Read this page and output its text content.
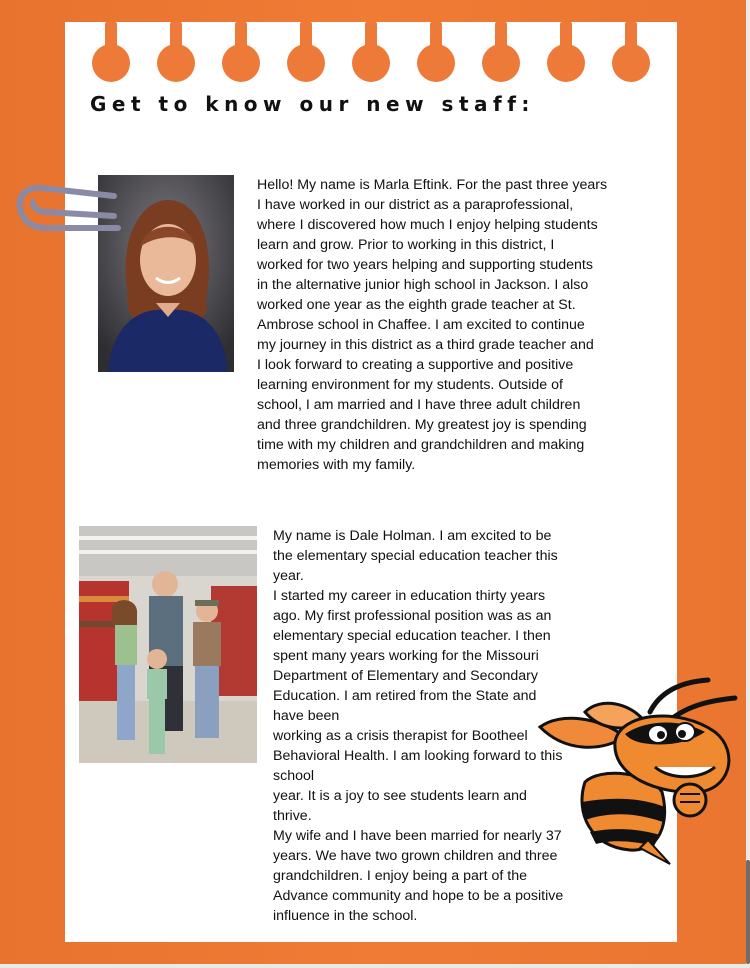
Get to know our new staff:

Hello! My name is Marla Eftink. For the past three years

I have worked in our district as a paraprofessional,

where I discovered how much I enjoy helping students

learn and grow. Prior to working in this district, I

worked for two years helping and supporting students

in the alternative junior high school in Jackson. I also

worked one year as the eighth grade teacher at St.

Ambrose school in Chaffee. I am excited to continue

my journey in this district as a third grade teacher and

I look forward to creating a supportive and positive

learning environment for my students. Outside of

school, I am married and I have three adult children

and three grandchildren. My greatest joy is spending

time with my children and grandchildren and making

memories with my family.

My name is Dale Holman. I am excited to be

the elementary special education teacher this

year.

I started my career in education thirty years

ago. My first professional position was as an

elementary special education teacher. I then

spent many years working for the Missouri

Department of Elementary and Secondary

Education. I am retired from the State and

have been

working as a crisis therapist for Bootheel

Behavioral Health. I am looking forward to this

school

year. It is a joy to see students learn and

thrive.

My wife and I have been married for nearly 37

years. We have two grown children and three

grandchildren. I enjoy being a part of the

Advance community and hope to be a positive

influence in the school.
